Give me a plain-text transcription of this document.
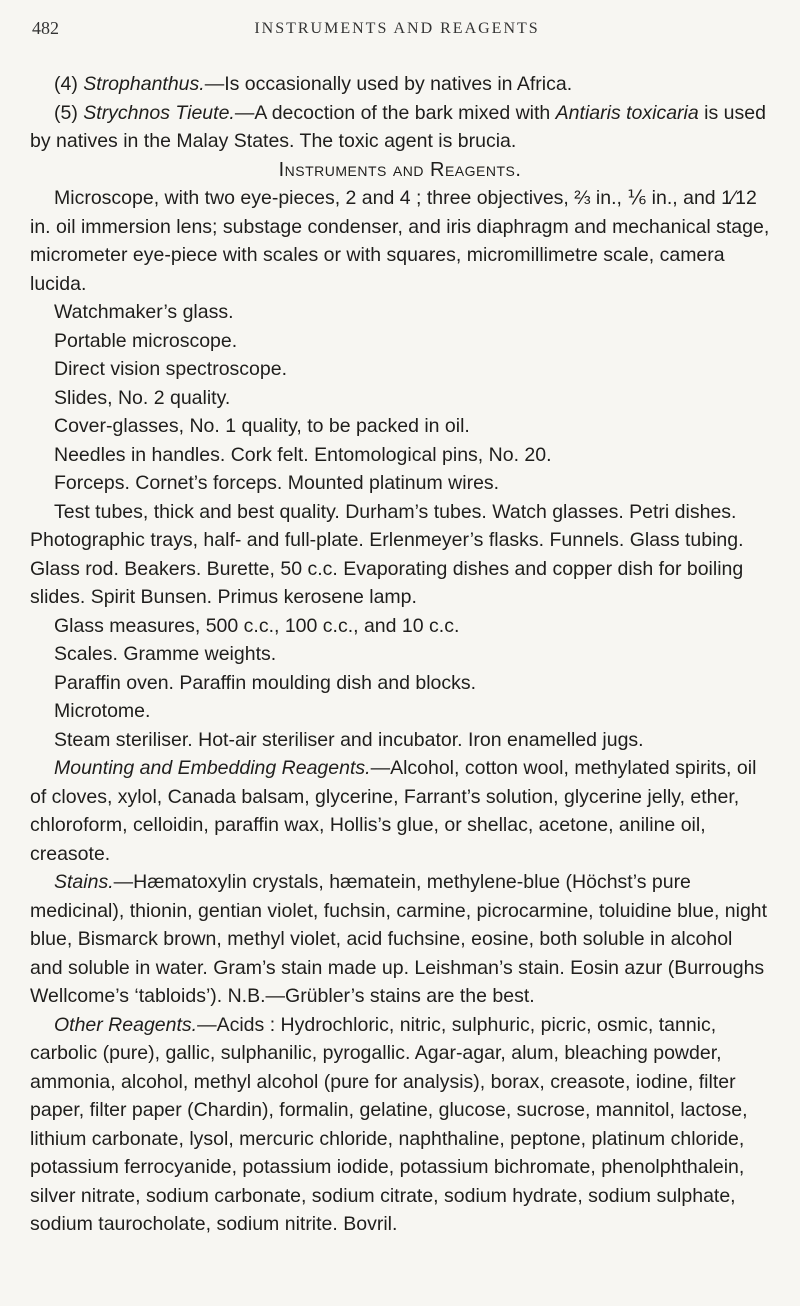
482	INSTRUMENTS AND REAGENTS

(4) Strophanthus.—Is occasionally used by natives in Africa.

(5) Strychnos Tieute.—A decoction of the bark mixed with Antiaris toxicaria is used by natives in the Malay States. The toxic agent is brucia.

Instruments and Reagents.

Microscope, with two eye-pieces, 2 and 4 ; three objectives, ⅔ in., ⅙ in., and 1⁄12 in. oil immersion lens; substage condenser, and iris diaphragm and mechanical stage, micrometer eye-piece with scales or with squares, micromillimetre scale, camera lucida.

Watchmaker’s glass.

Portable microscope.

Direct vision spectroscope.

Slides, No. 2 quality.

Cover-glasses, No. 1 quality, to be packed in oil.

Needles in handles. Cork felt. Entomological pins, No. 20.

Forceps. Cornet’s forceps. Mounted platinum wires.

Test tubes, thick and best quality. Durham’s tubes. Watch glasses. Petri dishes. Photographic trays, half- and full-plate. Erlenmeyer’s flasks. Funnels. Glass tubing. Glass rod. Beakers. Burette, 50 c.c. Evaporating dishes and copper dish for boiling slides. Spirit Bunsen. Primus kerosene lamp.

Glass measures, 500 c.c., 100 c.c., and 10 c.c.

Scales. Gramme weights.

Paraffin oven. Paraffin moulding dish and blocks.

Microtome.

Steam steriliser. Hot-air steriliser and incubator. Iron enamelled jugs.

Mounting and Embedding Reagents.—Alcohol, cotton wool, methylated spirits, oil of cloves, xylol, Canada balsam, glycerine, Farrant’s solution, glycerine jelly, ether, chloroform, celloidin, paraffin wax, Hollis’s glue, or shellac, acetone, aniline oil, creasote.

Stains.—Hæmatoxylin crystals, hæmatein, methylene-blue (Höchst’s pure medicinal), thionin, gentian violet, fuchsin, carmine, picrocarmine, toluidine blue, night blue, Bismarck brown, methyl violet, acid fuchsine, eosine, both soluble in alcohol and soluble in water. Gram’s stain made up. Leishman’s stain. Eosin azur (Burroughs Wellcome’s ‘tabloids’). N.B.—Grübler’s stains are the best.

Other Reagents.—Acids : Hydrochloric, nitric, sulphuric, picric, osmic, tannic, carbolic (pure), gallic, sulphanilic, pyrogallic. Agar-agar, alum, bleaching powder, ammonia, alcohol, methyl alcohol (pure for analysis), borax, creasote, iodine, filter paper, filter paper (Chardin), formalin, gelatine, glucose, sucrose, mannitol, lactose, lithium carbonate, lysol, mercuric chloride, naphthaline, peptone, platinum chloride, potassium ferrocyanide, potassium iodide, potassium bichromate, phenolphthalein, silver nitrate, sodium carbonate, sodium citrate, sodium hydrate, sodium sulphate, sodium taurocholate, sodium nitrite. Bovril.
